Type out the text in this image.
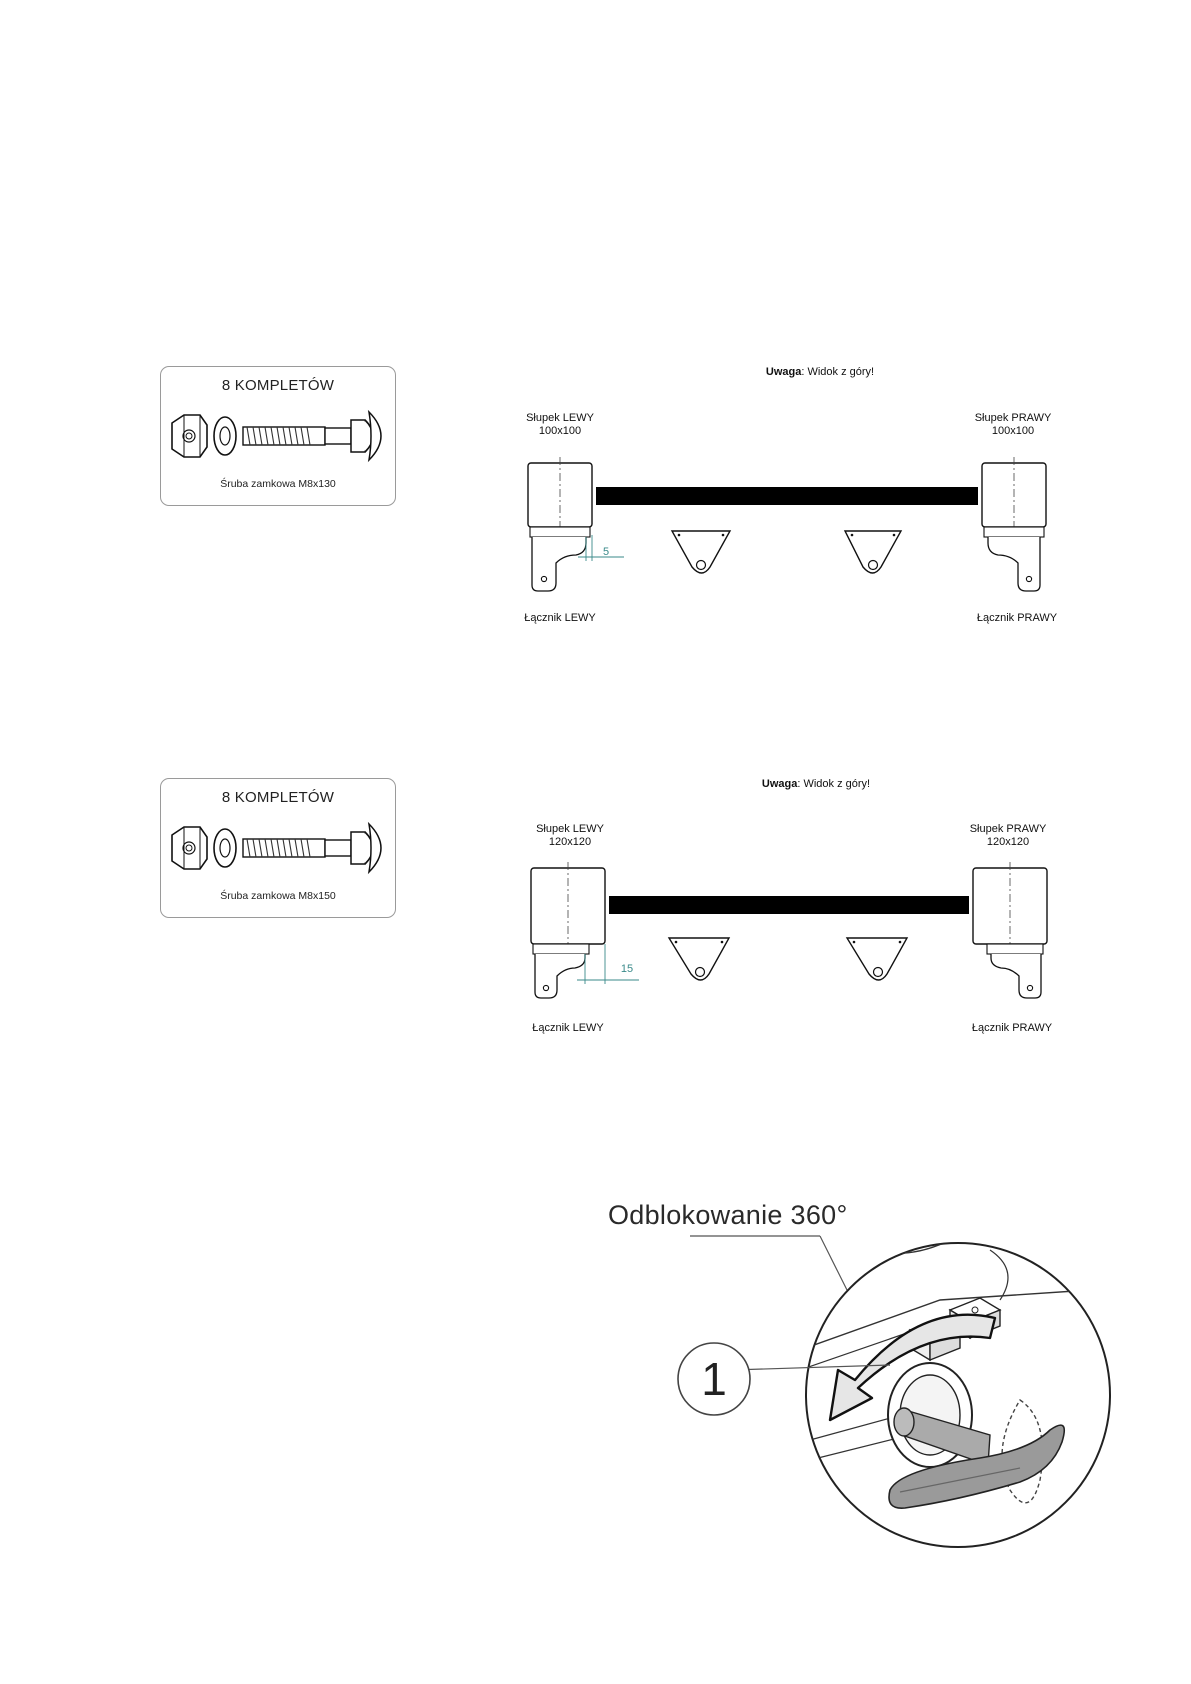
8 KOMPLETÓW
Śruba zamkowa M8x130
Uwaga: Widok z góry!
Słupek LEWY
100x100
Słupek PRAWY
100x100
5
Łącznik LEWY	Łącznik PRAWY
8 KOMPLETÓW
Śruba zamkowa M8x150
Uwaga: Widok z góry!
Słupek LEWY
120x120
Słupek PRAWY
120x120
15
Łącznik LEWY	Łącznik PRAWY
Odblokowanie 360°
1
